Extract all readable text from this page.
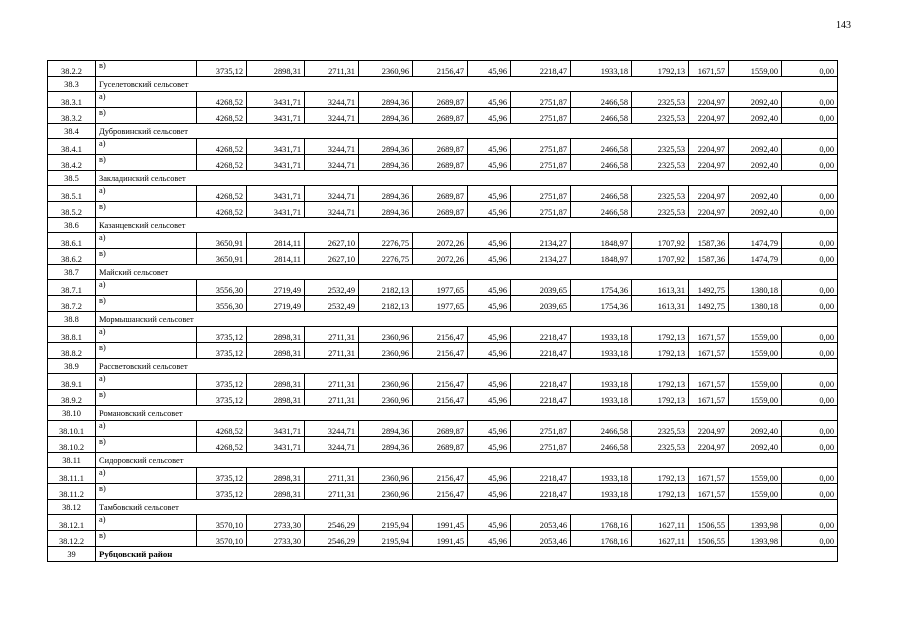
143
38.2.2	в)	3735,12	2898,31	2711,31	2360,96	2156,47	45,96	2218,47	1933,18	1792,13	1671,57	1559,00	0,00
38.3	Гуселетовский сельсовет												
38.3.1	а)	4268,52	3431,71	3244,71	2894,36	2689,87	45,96	2751,87	2466,58	2325,53	2204,97	2092,40	0,00
38.3.2	в)	4268,52	3431,71	3244,71	2894,36	2689,87	45,96	2751,87	2466,58	2325,53	2204,97	2092,40	0,00
38.4	Дубровинский сельсовет												
38.4.1	а)	4268,52	3431,71	3244,71	2894,36	2689,87	45,96	2751,87	2466,58	2325,53	2204,97	2092,40	0,00
38.4.2	в)	4268,52	3431,71	3244,71	2894,36	2689,87	45,96	2751,87	2466,58	2325,53	2204,97	2092,40	0,00
38.5	Закладинский сельсовет												
38.5.1	а)	4268,52	3431,71	3244,71	2894,36	2689,87	45,96	2751,87	2466,58	2325,53	2204,97	2092,40	0,00
38.5.2	в)	4268,52	3431,71	3244,71	2894,36	2689,87	45,96	2751,87	2466,58	2325,53	2204,97	2092,40	0,00
38.6	Казанцевский сельсовет												
38.6.1	а)	3650,91	2814,11	2627,10	2276,75	2072,26	45,96	2134,27	1848,97	1707,92	1587,36	1474,79	0,00
38.6.2	в)	3650,91	2814,11	2627,10	2276,75	2072,26	45,96	2134,27	1848,97	1707,92	1587,36	1474,79	0,00
38.7	Майский сельсовет												
38.7.1	а)	3556,30	2719,49	2532,49	2182,13	1977,65	45,96	2039,65	1754,36	1613,31	1492,75	1380,18	0,00
38.7.2	в)	3556,30	2719,49	2532,49	2182,13	1977,65	45,96	2039,65	1754,36	1613,31	1492,75	1380,18	0,00
38.8	Мормышанский сельсовет												
38.8.1	а)	3735,12	2898,31	2711,31	2360,96	2156,47	45,96	2218,47	1933,18	1792,13	1671,57	1559,00	0,00
38.8.2	в)	3735,12	2898,31	2711,31	2360,96	2156,47	45,96	2218,47	1933,18	1792,13	1671,57	1559,00	0,00
38.9	Рассветовский сельсовет												
38.9.1	а)	3735,12	2898,31	2711,31	2360,96	2156,47	45,96	2218,47	1933,18	1792,13	1671,57	1559,00	0,00
38.9.2	в)	3735,12	2898,31	2711,31	2360,96	2156,47	45,96	2218,47	1933,18	1792,13	1671,57	1559,00	0,00
38.10	Романовский сельсовет												
38.10.1	а)	4268,52	3431,71	3244,71	2894,36	2689,87	45,96	2751,87	2466,58	2325,53	2204,97	2092,40	0,00
38.10.2	в)	4268,52	3431,71	3244,71	2894,36	2689,87	45,96	2751,87	2466,58	2325,53	2204,97	2092,40	0,00
38.11	Сидоровский сельсовет												
38.11.1	а)	3735,12	2898,31	2711,31	2360,96	2156,47	45,96	2218,47	1933,18	1792,13	1671,57	1559,00	0,00
38.11.2	в)	3735,12	2898,31	2711,31	2360,96	2156,47	45,96	2218,47	1933,18	1792,13	1671,57	1559,00	0,00
38.12	Тамбовский сельсовет												
38.12.1	а)	3570,10	2733,30	2546,29	2195,94	1991,45	45,96	2053,46	1768,16	1627,11	1506,55	1393,98	0,00
38.12.2	в)	3570,10	2733,30	2546,29	2195,94	1991,45	45,96	2053,46	1768,16	1627,11	1506,55	1393,98	0,00
39	Рубцовский район												
